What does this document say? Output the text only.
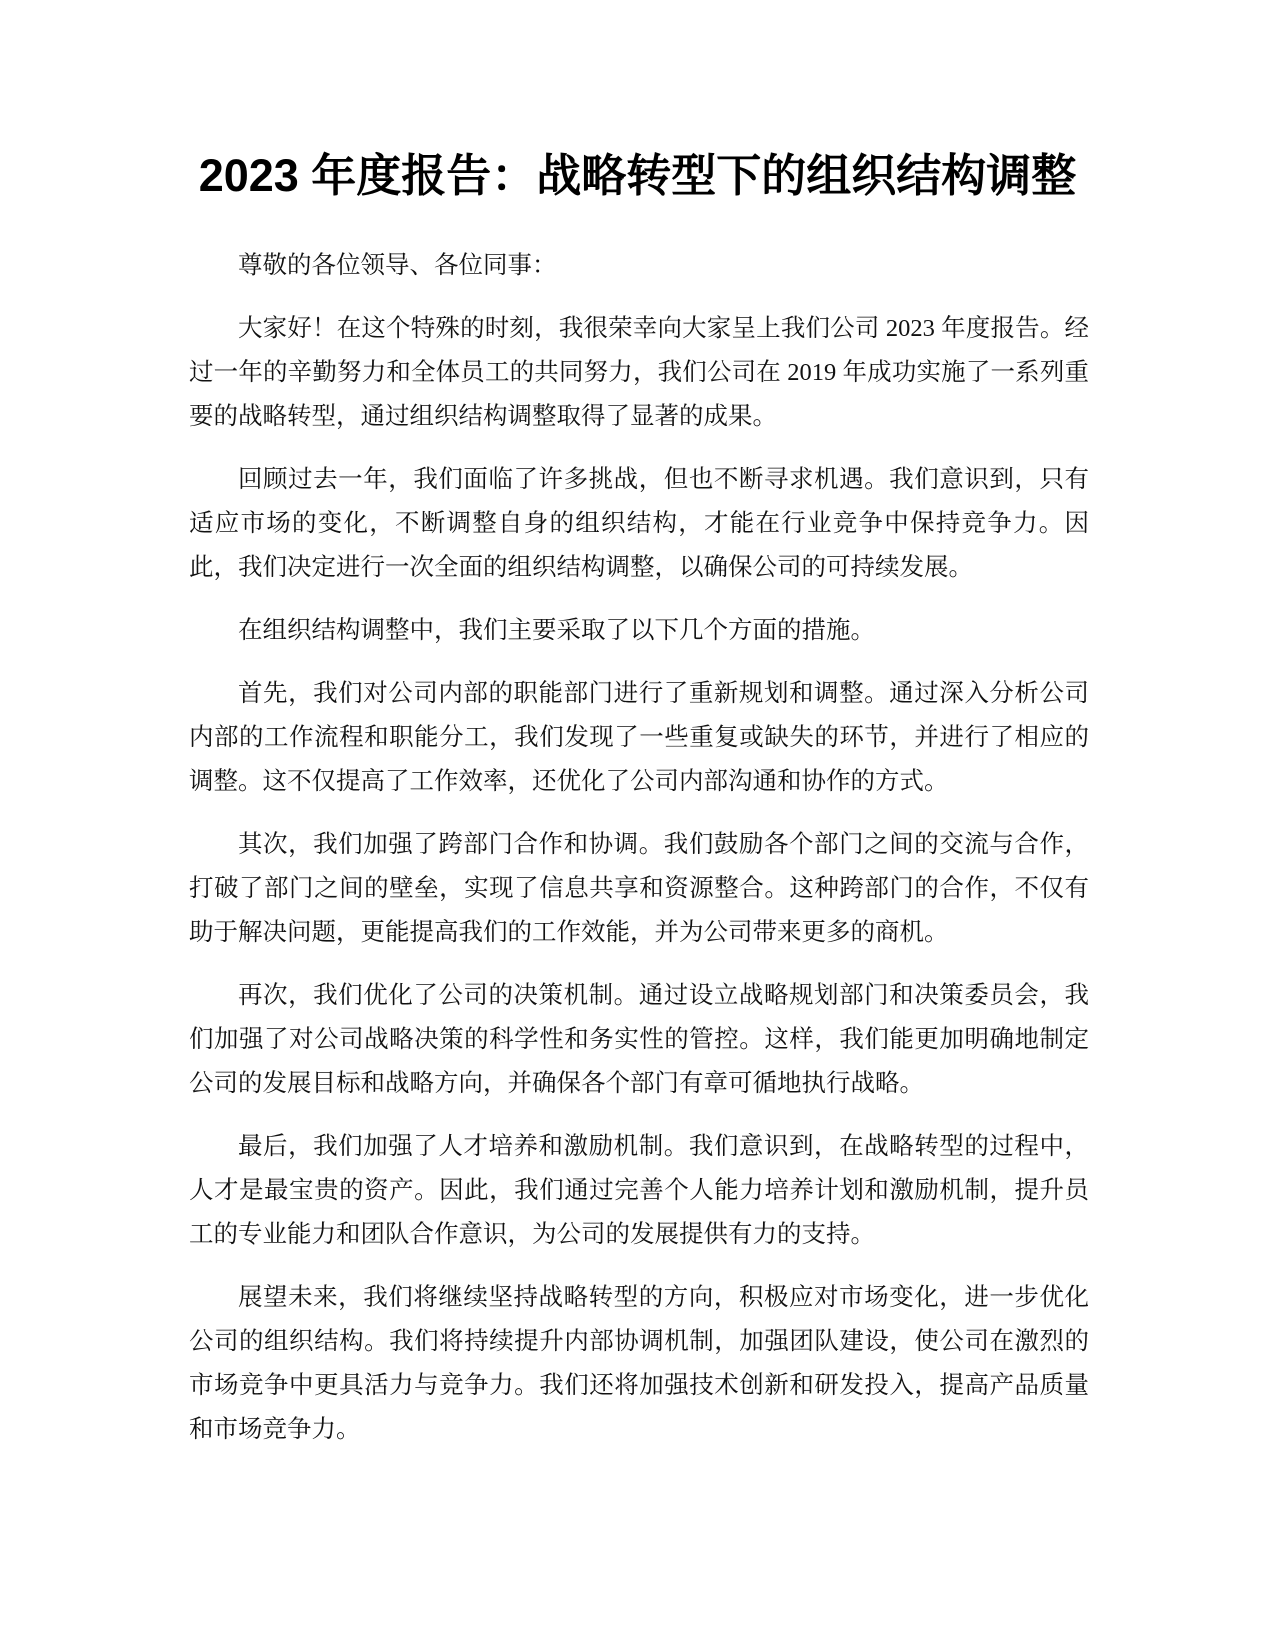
2023 年度报告：战略转型下的组织结构调整

尊敬的各位领导、各位同事：

大家好！在这个特殊的时刻，我很荣幸向大家呈上我们公司 2023 年度报告。经过一年的辛勤努力和全体员工的共同努力，我们公司在 2019 年成功实施了一系列重要的战略转型，通过组织结构调整取得了显著的成果。

回顾过去一年，我们面临了许多挑战，但也不断寻求机遇。我们意识到，只有适应市场的变化，不断调整自身的组织结构，才能在行业竞争中保持竞争力。因此，我们决定进行一次全面的组织结构调整，以确保公司的可持续发展。

在组织结构调整中，我们主要采取了以下几个方面的措施。

首先，我们对公司内部的职能部门进行了重新规划和调整。通过深入分析公司内部的工作流程和职能分工，我们发现了一些重复或缺失的环节，并进行了相应的调整。这不仅提高了工作效率，还优化了公司内部沟通和协作的方式。

其次，我们加强了跨部门合作和协调。我们鼓励各个部门之间的交流与合作，打破了部门之间的壁垒，实现了信息共享和资源整合。这种跨部门的合作，不仅有助于解决问题，更能提高我们的工作效能，并为公司带来更多的商机。

再次，我们优化了公司的决策机制。通过设立战略规划部门和决策委员会，我们加强了对公司战略决策的科学性和务实性的管控。这样，我们能更加明确地制定公司的发展目标和战略方向，并确保各个部门有章可循地执行战略。

最后，我们加强了人才培养和激励机制。我们意识到，在战略转型的过程中，人才是最宝贵的资产。因此，我们通过完善个人能力培养计划和激励机制，提升员工的专业能力和团队合作意识，为公司的发展提供有力的支持。

展望未来，我们将继续坚持战略转型的方向，积极应对市场变化，进一步优化公司的组织结构。我们将持续提升内部协调机制，加强团队建设，使公司在激烈的市场竞争中更具活力与竞争力。我们还将加强技术创新和研发投入，提高产品质量和市场竞争力。
